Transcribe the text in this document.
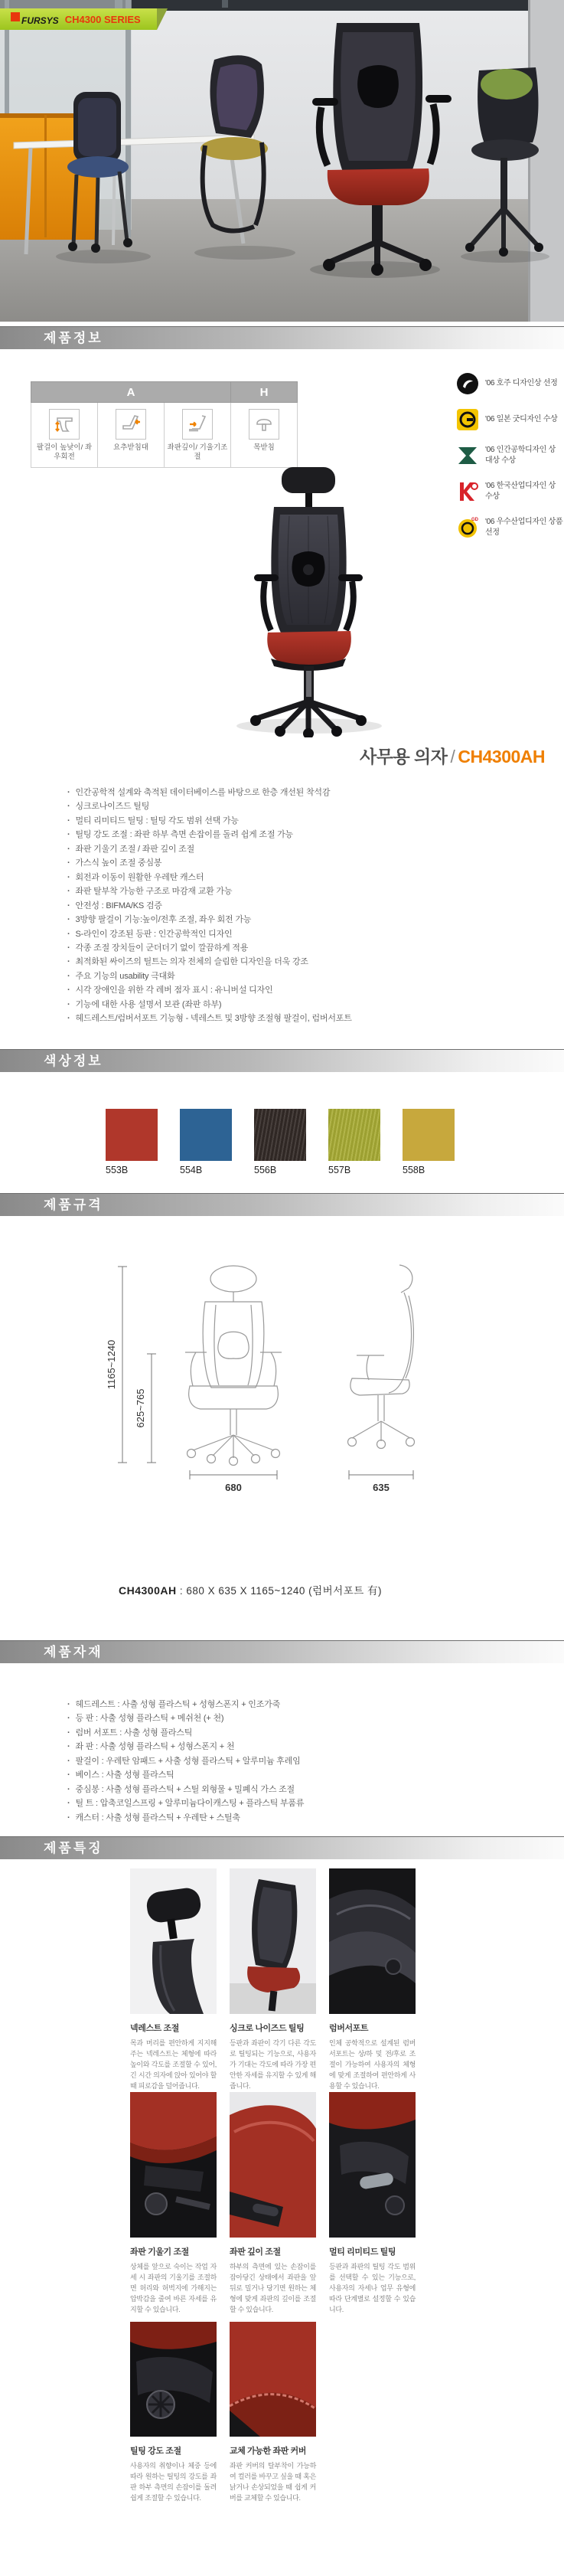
FURSYS CH4300 SERIES
제품정보
A			H

팔걸이 높낮이/ 좌우회전	요추받침대	좌판깊이/ 기울기조절	목받침
'06 호주 디자인상 선정
'06 일본 굿디자인 수상
'06 인간공학디자인 상 대상 수상
'06 한국산업디자인 상 수상
GD '06 우수산업디자인 상품 선정
사무용 의자 / CH4300AH
· 인간공학적 설계와 축적된 데이터베이스를 바탕으로 한층 개선된 착석감
· 싱크로나이즈드 틸팅
· 멀티 리미티드 틸팅 : 틸팅 각도 범위 선택 가능
· 틸팅 강도 조절 : 좌판 하부 측면 손잡이를 돌려 쉽게 조절 가능
· 좌판 기울기 조절 / 좌판 깊이 조절
· 가스식 높이 조절 중심봉
· 회전과 이동이 원활한 우레탄 캐스터
· 좌판 탈부착 가능한 구조로 마감재 교환 가능
· 안전성 : BIFMA/KS 검증
· 3방향 팔걸이 기능:높이/전후 조절, 좌우 회전 가능
· S-라인이 강조된 등판 : 인간공학적인 디자인
· 각종 조절 장치들이 군더더기 없이 깔끔하게 적용
· 최적화된 싸이즈의 틸트는 의자 전체의 슬림한 디자인을 더욱 강조
· 주요 기능의 usability 극대화
· 시각 장애인을 위한 각 레버 점자 표시 : 유니버설 디자인
· 기능에 대한 사용 설명서 보관 (좌판 하부)
· 헤드레스트/럼버서포트 기능형 - 넥레스트 및 3방향 조절형 팔걸이, 럼버서포트
색상정보
553B	554B	556B	557B	558B
제품규격
1165~1240
625~765
680	635
CH4300AH : 680 X 635 X 1165~1240 (럼버서포트 有)
제품자재
· 헤드레스트 : 사출 성형 플라스틱 + 성형스폰지 + 인조가죽
· 등 판 : 사출 성형 플라스틱 + 메쉬천 (+ 천)
· 럼버 서포트 : 사출 성형 플라스틱
· 좌 판 : 사출 성형 플라스틱 + 성형스폰지 + 천
· 팔걸이 : 우레탄 암패드 + 사출 성형 플라스틱 + 알루미늄 후레임
· 베이스 : 사출 성형 플라스틱
· 중심봉 : 사출 성형 플라스틱 + 스틸 외형물 + 밀폐식 가스 조절
· 틸 트 : 압축코일스프링 + 알루미늄다이캐스팅 + 플라스틱 부품류
· 캐스터 : 사출 성형 플라스틱 + 우레탄 + 스틸축
제품특징
넥레스트 조절
목과 머리를 편안하게 지지해주는 넥레스트는 체형에 따라 높이와 각도를 조절할 수 있어, 긴 시간 의자에 앉아 있어야 할 때 피로감을 덜어줍니다.
싱크로 나이즈드 틸팅
등판과 좌판이 각기 다른 각도로 틸팅되는 기능으로, 사용자가 기대는 각도에 따라 가장 편안한 자세를 유지할 수 있게 해줍니다.
럼버서포트
인체 공학적으로 설계된 럼버서포트는 상/하 및 전/후로 조절이 가능하여 사용자의 체형에 맞게 조절하여 편안하게 사용할 수 있습니다.
좌판 기울기 조절
상체를 앞으로 숙이는 작업 자세 시 좌판의 기울기를 조절하면 허리와 허벅지에 가해지는 압박감을 줄여 바른 자세를 유지할 수 있습니다.
좌판 깊이 조절
하부의 측면에 있는 손잡이를 잡아당긴 상태에서 좌판을 앞뒤로 밀거나 당기면 원하는 체형에 맞게 좌판의 깊이를 조절할 수 있습니다.
멀티 리미티드 틸팅
등판과 좌판의 틸팅 각도 범위를 선택할 수 있는 기능으로, 사용자의 자세나 업무 유형에 따라 단계별로 설정할 수 있습니다.
틸팅 강도 조절
사용자의 취향이나 체중 등에 따라 원하는 틸팅의 강도를 좌판 하부 측면의 손잡이를 돌려 쉽게 조절할 수 있습니다.
교체 가능한 좌판 커버
좌판 커버의 탈부착이 가능하여 컬러를 바꾸고 싶을 때 혹은 낡거나 손상되었을 때 쉽게 커버를 교체할 수 있습니다.
